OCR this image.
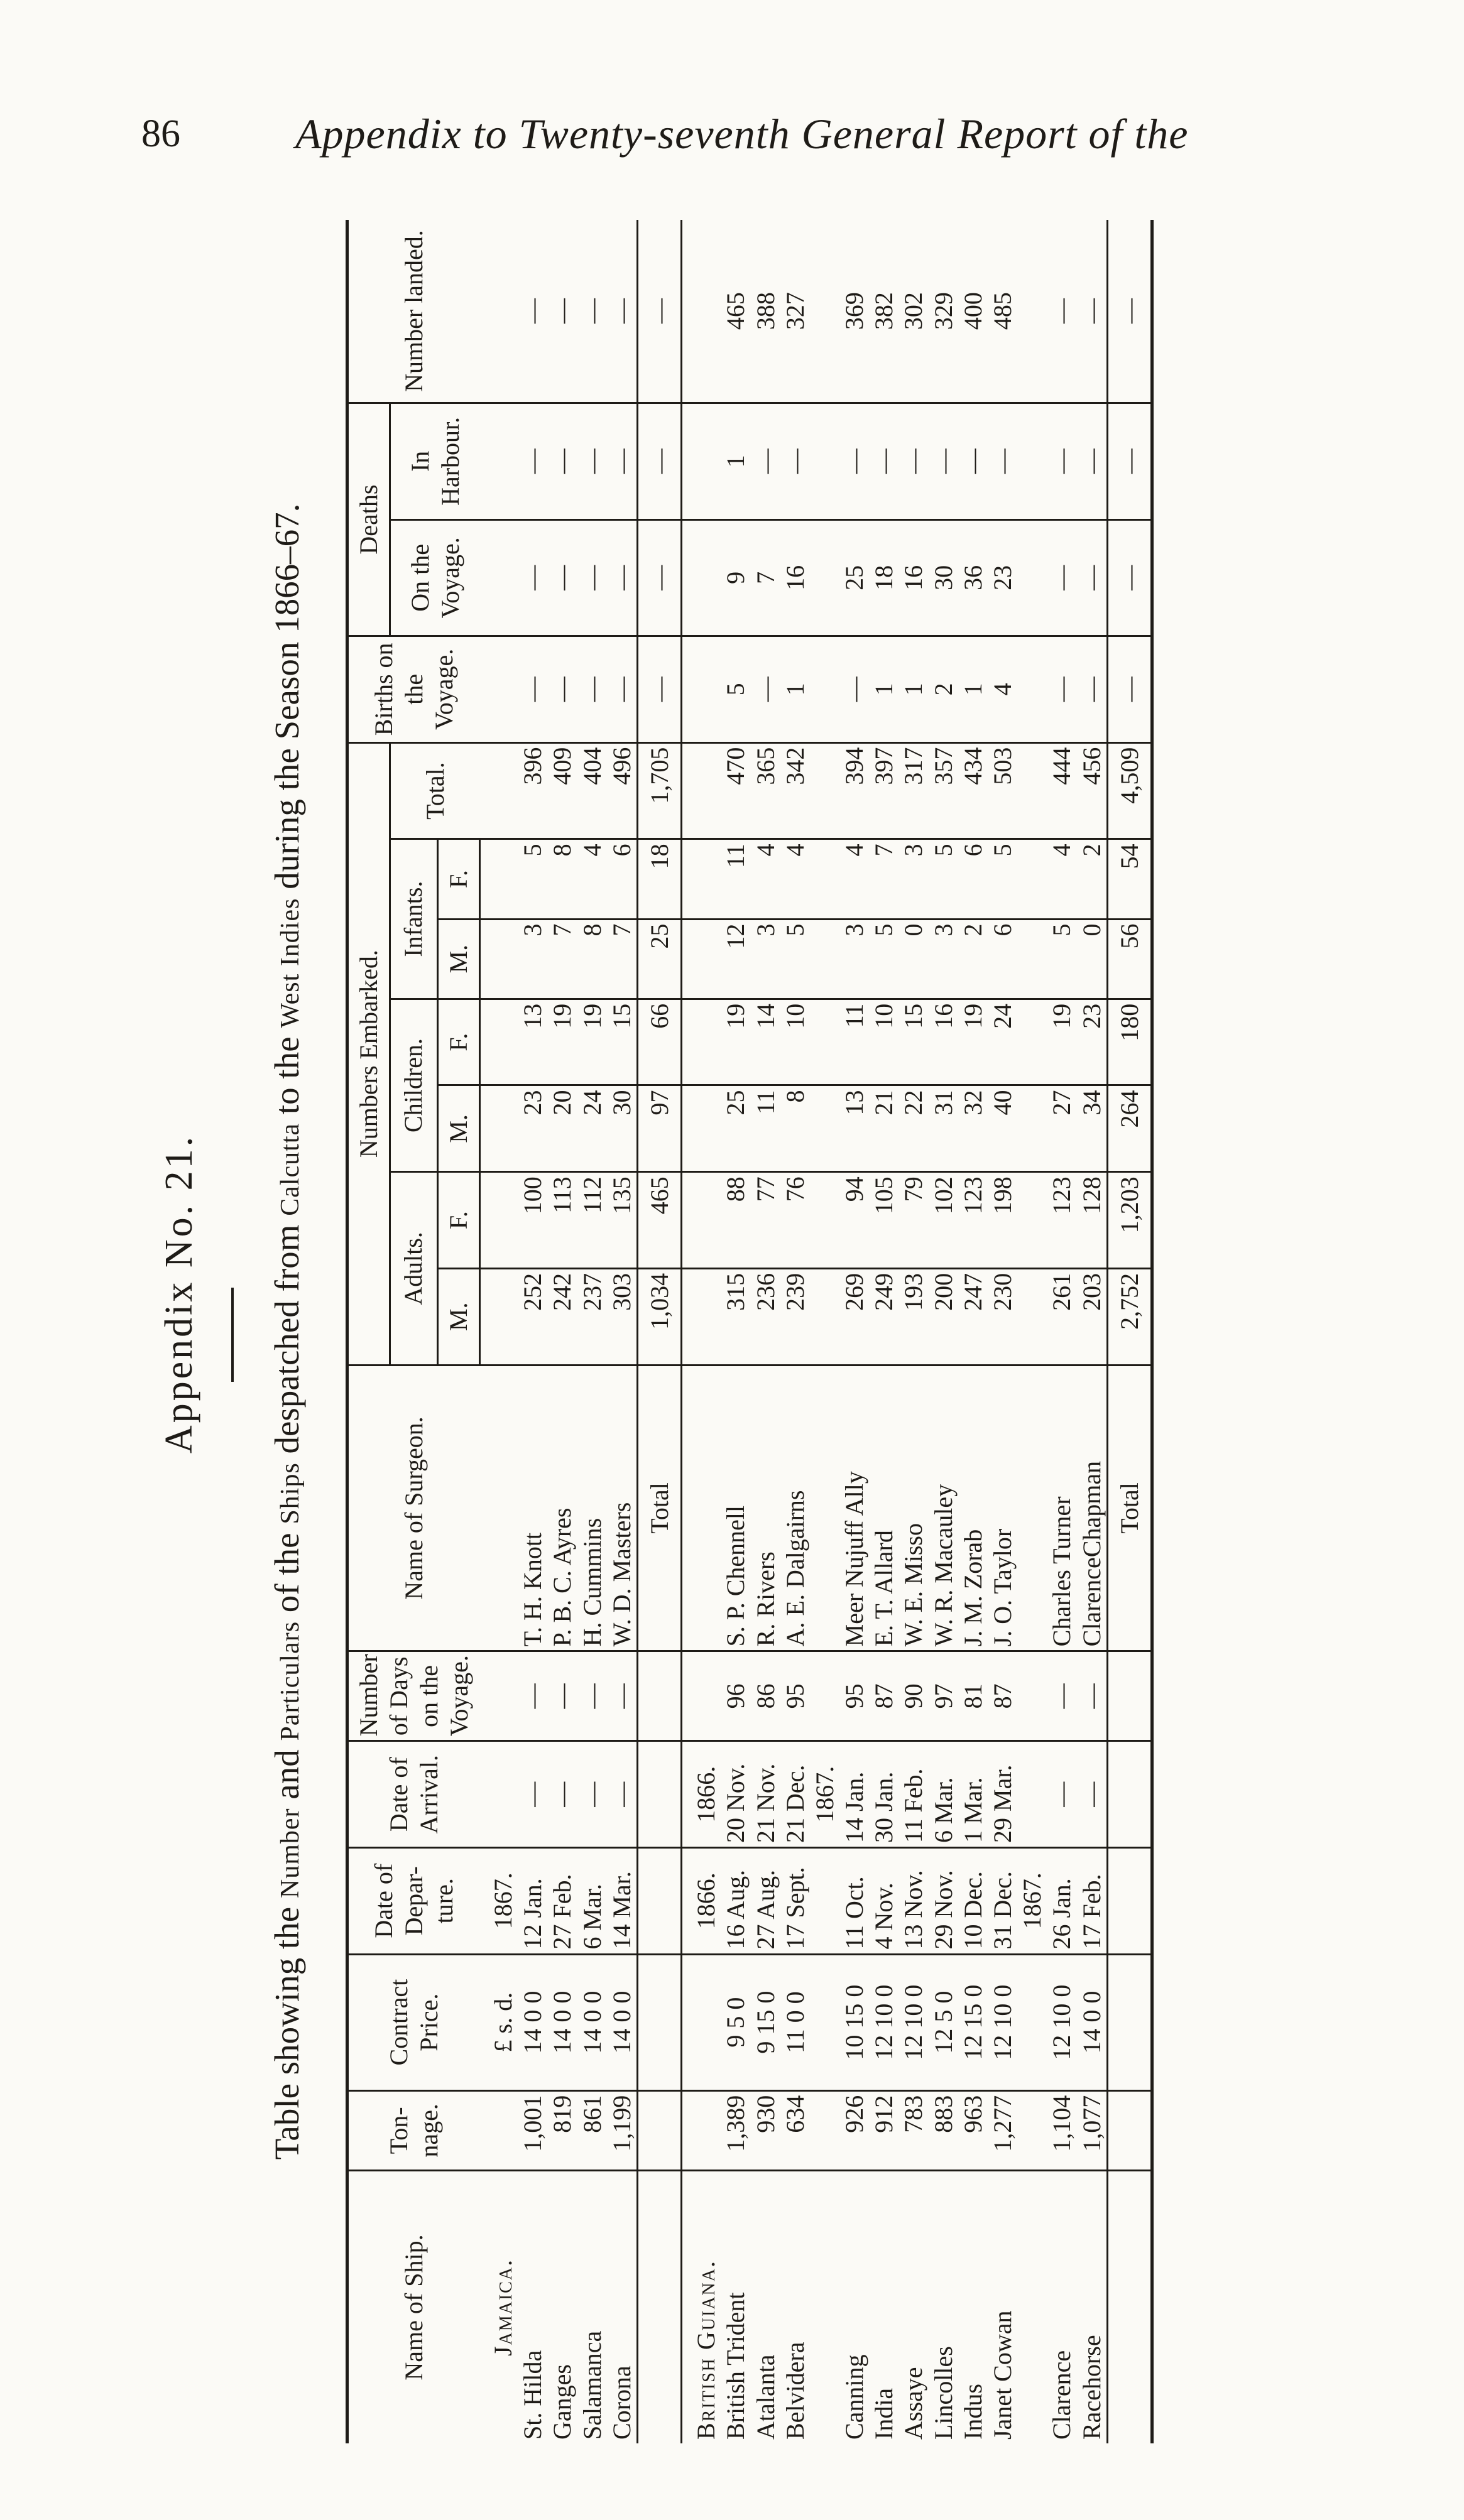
86	Appendix to Twenty-seventh General Report of the
Appendix No. 21.
Table showing the Number and Particulars of the Ships despatched from Calcutta to the West Indies during the Season 1866–67.
Name of Ship.	Ton-nage.	Contract Price.	Date of Depar-ture.	Date of Arrival.	Number of Days on the Voyage.	Name of Surgeon.	Numbers Embarked.							Births on the Voyage.	Deaths		Number landed.
							Adults.		Children.		Infants.		Total.		On the Voyage.	In Harbour.	
							M.	F.	M.	F.	M.	F.					
Jamaica.		£ s. d.	1867.														
St. Hilda	1,001	14 0 0	12 Jan.	—	—	T. H. Knott	252	100	23	13	3	5	396	—	—	—	—
Ganges	819	14 0 0	27 Feb.	—	—	P. B. C. Ayres	242	113	20	19	7	8	409	—	—	—	—
Salamanca	861	14 0 0	6 Mar.	—	—	H. Cummins	237	112	24	19	8	4	404	—	—	—	—
Corona	1,199	14 0 0	14 Mar.	—	—	W. D. Masters	303	135	30	15	7	6	496	—	—	—	—
						Total	1,034	465	97	66	25	18	1,705	—	—	—	—
British Guiana.			1866.	1866.													
British Trident	1,389	9 5 0	16 Aug.	20 Nov.	96	S. P. Chennell	315	88	25	19	12	11	470	5	9	1	465
Atalanta	930	9 15 0	27 Aug.	21 Nov.	86	R. Rivers	236	77	11	14	3	4	365	—	7	—	388
Belvidera	634	11 0 0	17 Sept.	21 Dec.	95	A. E. Dalgairns	239	76	8	10	5	4	342	1	16	—	327
				1867.													
Canning	926	10 15 0	11 Oct.	14 Jan.	95	Meer Nujuff Ally	269	94	13	11	3	4	394	—	25	—	369
India	912	12 10 0	4 Nov.	30 Jan.	87	E. T. Allard	249	105	21	10	5	7	397	1	18	—	382
Assaye	783	12 10 0	13 Nov.	11 Feb.	90	W. E. Misso	193	79	22	15	0	3	317	1	16	—	302
Lincolles	883	12 5 0	29 Nov.	6 Mar.	97	W. R. Macauley	200	102	31	16	3	5	357	2	30	—	329
Indus	963	12 15 0	10 Dec.	1 Mar.	81	J. M. Zorab	247	123	32	19	2	6	434	1	36	—	400
Janet Cowan	1,277	12 10 0	31 Dec.	29 Mar.	87	J. O. Taylor	230	198	40	24	6	5	503	4	23	—	485
			1867.														
Clarence	1,104	12 10 0	26 Jan.	—	—	Charles Turner	261	123	27	19	5	4	444	—	—	—	—
Racehorse	1,077	14 0 0	17 Feb.	—	—	ClarenceChapman	203	128	34	23	0	2	456	—	—	—	—
						Total	2,752	1,203	264	180	56	54	4,509	—	—	—	—
